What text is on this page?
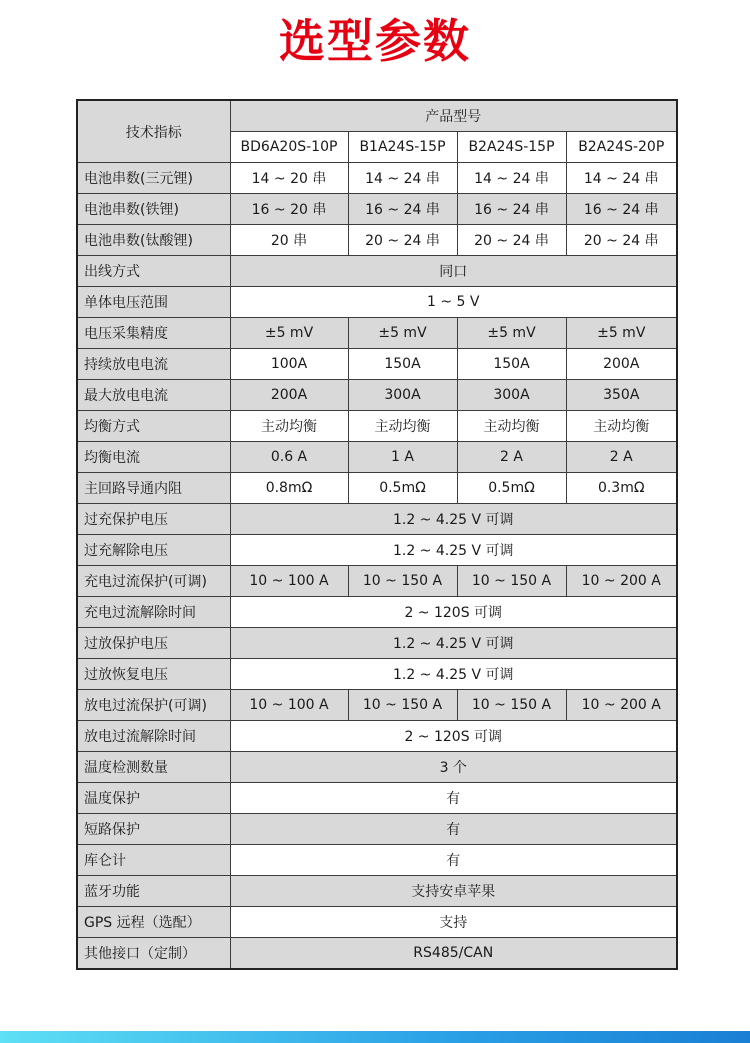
选型参数
技术指标	产品型号			
	BD6A20S-10P	B1A24S-15P	B2A24S-15P	B2A24S-20P
电池串数(三元锂)	14 ~ 20 串	14 ~ 24 串	14 ~ 24 串	14 ~ 24 串
电池串数(铁锂)	16 ~ 20 串	16 ~ 24 串	16 ~ 24 串	16 ~ 24 串
电池串数(钛酸锂)	20 串	20 ~ 24 串	20 ~ 24 串	20 ~ 24 串
出线方式	同口			
单体电压范围	1 ~ 5 V			
电压采集精度	±5 mV	±5 mV	±5 mV	±5 mV
持续放电电流	100A	150A	150A	200A
最大放电电流	200A	300A	300A	350A
均衡方式	主动均衡	主动均衡	主动均衡	主动均衡
均衡电流	0.6 A	1 A	2 A	2 A
主回路导通内阻	0.8mΩ	0.5mΩ	0.5mΩ	0.3mΩ
过充保护电压	1.2 ~ 4.25 V 可调			
过充解除电压	1.2 ~ 4.25 V 可调			
充电过流保护(可调)	10 ~ 100 A	10 ~ 150 A	10 ~ 150 A	10 ~ 200 A
充电过流解除时间	2 ~ 120S 可调			
过放保护电压	1.2 ~ 4.25 V 可调			
过放恢复电压	1.2 ~ 4.25 V 可调			
放电过流保护(可调)	10 ~ 100 A	10 ~ 150 A	10 ~ 150 A	10 ~ 200 A
放电过流解除时间	2 ~ 120S 可调			
温度检测数量	3 个			
温度保护	有			
短路保护	有			
库仑计	有			
蓝牙功能	支持安卓苹果			
GPS 远程（选配）	支持			
其他接口（定制）	RS485/CAN			
